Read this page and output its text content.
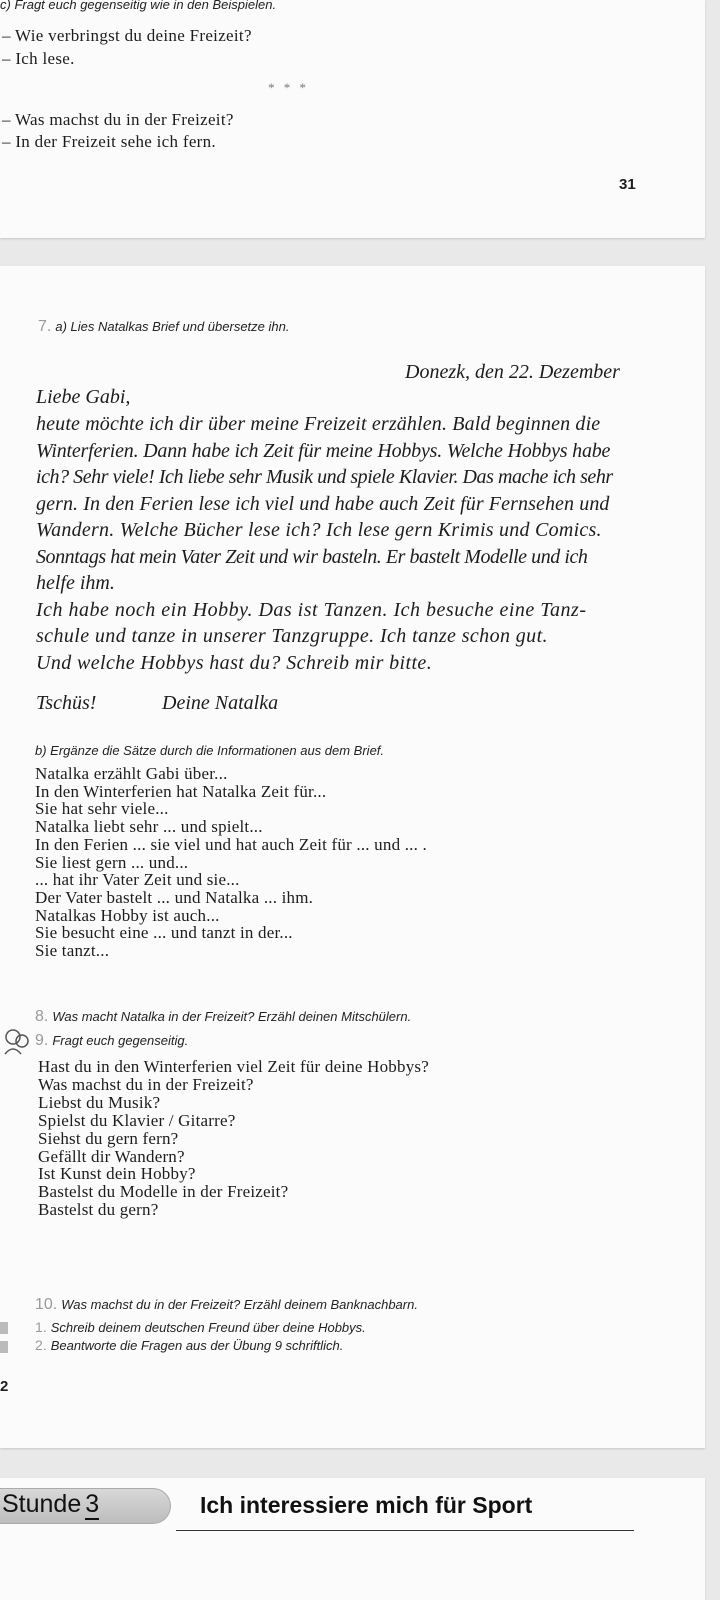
c) Fragt euch gegenseitig wie in den Beispielen.

– Wie verbringst du deine Freizeit?

– Ich lese.

* * *

– Was machst du in der Freizeit?

– In der Freizeit sehe ich fern.

31

7. a) Lies Natalkas Brief und übersetze ihn.

Donezk, den 22. Dezember

Liebe Gabi,

heute möchte ich dir über meine Freizeit erzählen. Bald beginnen die

Winterferien. Dann habe ich Zeit für meine Hobbys. Welche Hobbys habe

ich? Sehr viele! Ich liebe sehr Musik und spiele Klavier. Das mache ich sehr

gern. In den Ferien lese ich viel und habe auch Zeit für Fernsehen und

Wandern. Welche Bücher lese ich? Ich lese gern Krimis und Comics.

Sonntags hat mein Vater Zeit und wir basteln. Er bastelt Modelle und ich

helfe ihm.

Ich habe noch ein Hobby. Das ist Tanzen. Ich besuche eine Tanz-

schule und tanze in unserer Tanzgruppe. Ich tanze schon gut.

Und welche Hobbys hast du? Schreib mir bitte.

Tschüs!	Deine Natalka

b) Ergänze die Sätze durch die Informationen aus dem Brief.

Natalka erzählt Gabi über...
In den Winterferien hat Natalka Zeit für...
Sie hat sehr viele...
Natalka liebt sehr ... und spielt...
In den Ferien ... sie viel und hat auch Zeit für ... und ... .
Sie liest gern ... und...
... hat ihr Vater Zeit und sie...
Der Vater bastelt ... und Natalka ... ihm.
Natalkas Hobby ist auch...
Sie besucht eine ... und tanzt in der...
Sie tanzt...

8. Was macht Natalka in der Freizeit? Erzähl deinen Mitschülern.

9. Fragt euch gegenseitig.

Hast du in den Winterferien viel Zeit für deine Hobbys?
Was machst du in der Freizeit?
Liebst du Musik?
Spielst du Klavier / Gitarre?
Siehst du gern fern?
Gefällt dir Wandern?
Ist Kunst dein Hobby?
Bastelst du Modelle in der Freizeit?
Bastelst du gern?

10. Was machst du in der Freizeit? Erzähl deinem Banknachbarn.

1. Schreib deinem deutschen Freund über deine Hobbys.

2. Beantworte die Fragen aus der Übung 9 schriftlich.

2

Stunde 3	Ich interessiere mich für Sport
